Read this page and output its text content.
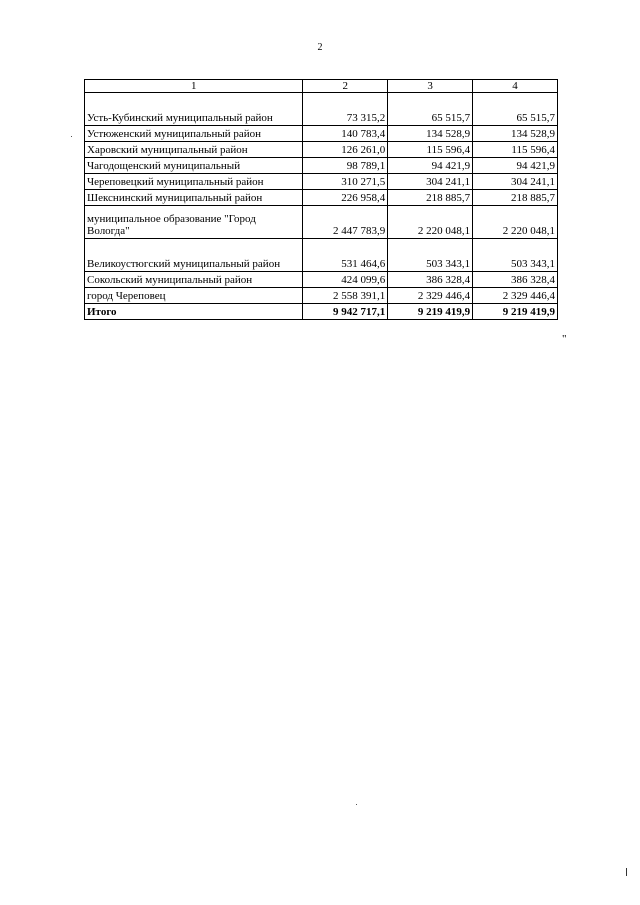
2
1	2	3	4
Усть-Кубинский муниципальный район	73 315,2	65 515,7	65 515,7
Устюженский муниципальный район	140 783,4	134 528,9	134 528,9
Харовский муниципальный район	126 261,0	115 596,4	115 596,4
Чагодощенский муниципальный	98 789,1	94 421,9	94 421,9
Череповецкий муниципальный район	310 271,5	304 241,1	304 241,1
Шекснинский муниципальный район	226 958,4	218 885,7	218 885,7
муниципальное образование "Город Вологда"	2 447 783,9	2 220 048,1	2 220 048,1
Великоустюгский муниципальный район	531 464,6	503 343,1	503 343,1
Сокольский муниципальный район	424 099,6	386 328,4	386 328,4
город Череповец	2 558 391,1	2 329 446,4	2 329 446,4
Итого	9 942 717,1	9 219 419,9	9 219 419,9
"
